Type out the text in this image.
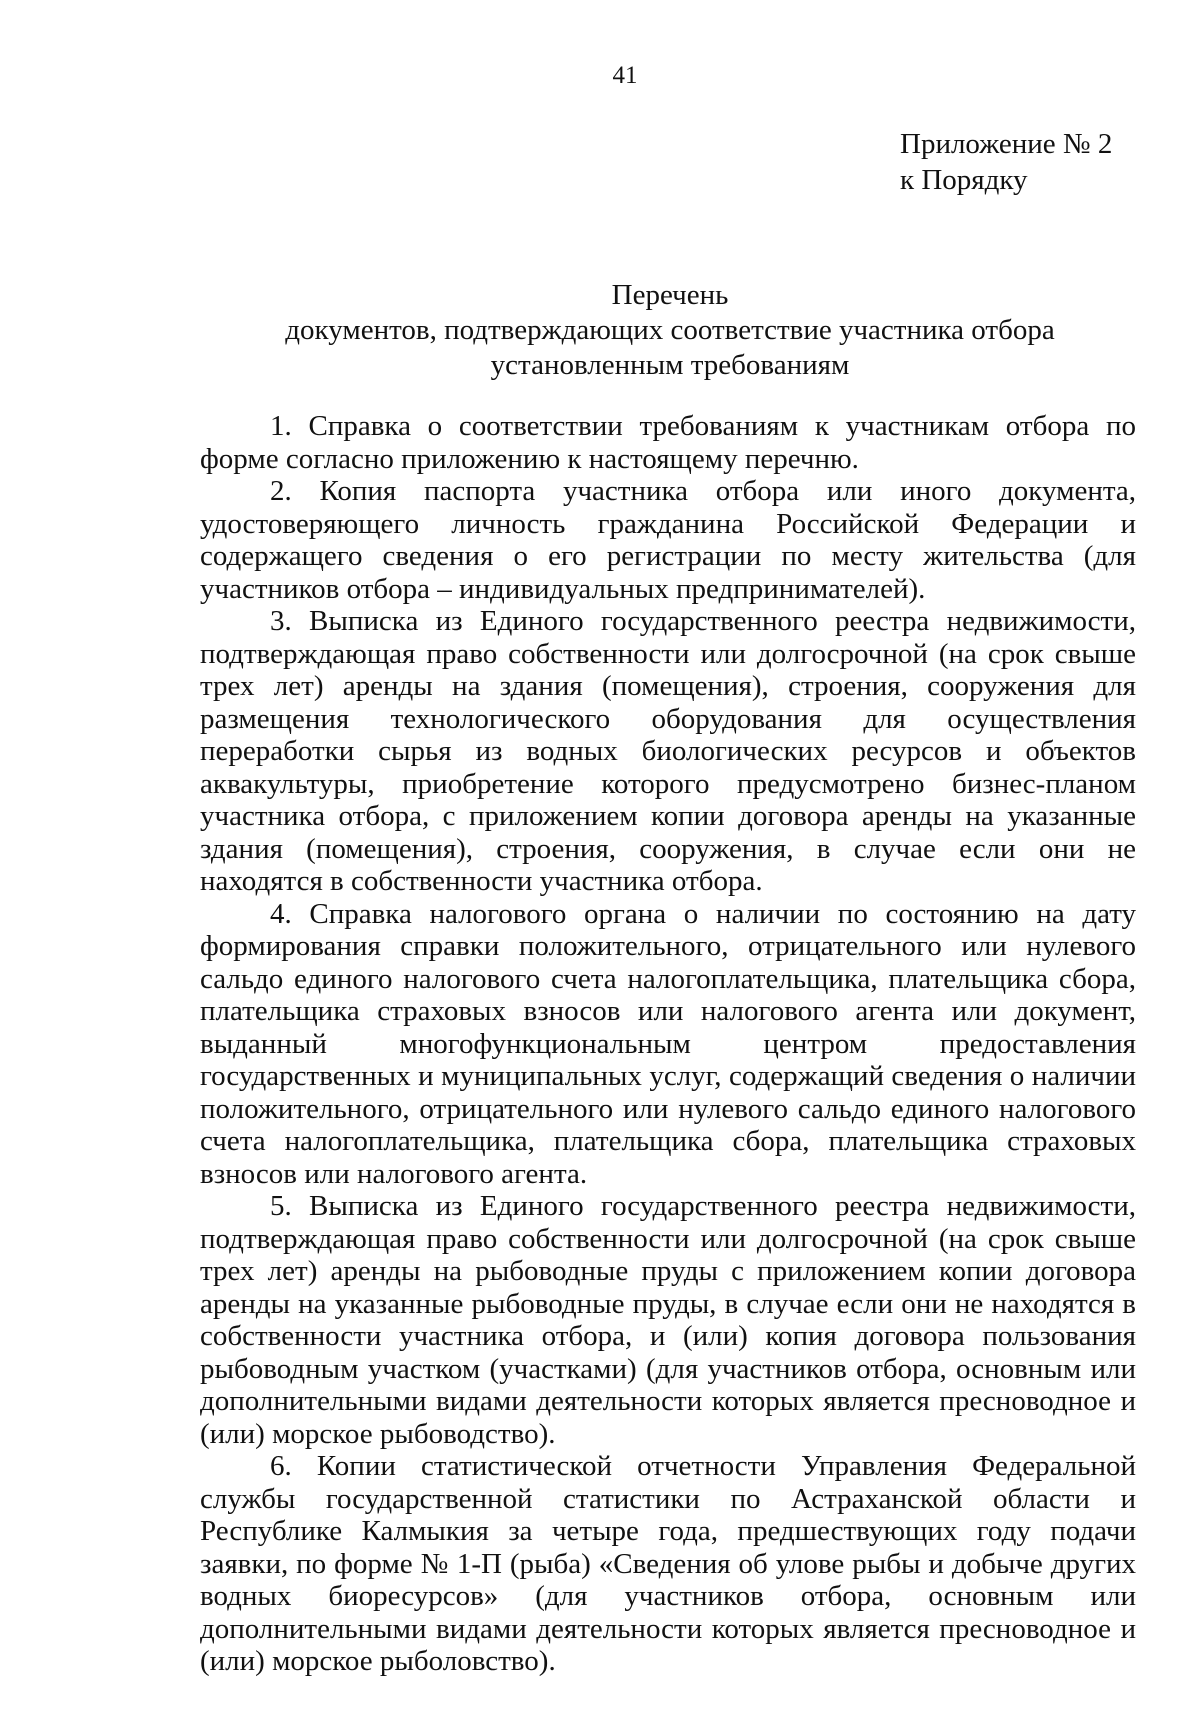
41
Приложение № 2
к Порядку
Перечень
документов, подтверждающих соответствие участника отбора
установленным требованиям

1. Справка о соответствии требованиям к участникам отбора по форме согласно приложению к настоящему перечню.

2. Копия паспорта участника отбора или иного документа, удостоверяющего личность гражданина Российской Федерации и содержащего сведения о его регистрации по месту жительства (для участников отбора – индивидуальных предпринимателей).

3. Выписка из Единого государственного реестра недвижимости, подтверждающая право собственности или долгосрочной (на срок свыше трех лет) аренды на здания (помещения), строения, сооружения для размещения технологического оборудования для осуществления переработки сырья из водных биологических ресурсов и объектов аквакультуры, приобретение которого предусмотрено бизнес-планом участника отбора, с приложением копии договора аренды на указанные здания (помещения), строения, сооружения, в случае если они не находятся в собственности участника отбора.

4. Справка налогового органа о наличии по состоянию на дату формирования справки положительного, отрицательного или нулевого сальдо единого налогового счета налогоплательщика, плательщика сбора, плательщика страховых взносов или налогового агента или документ, выданный многофункциональным центром предоставления государственных и муниципальных услуг, содержащий сведения о наличии положительного, отрицательного или нулевого сальдо единого налогового счета налогоплательщика, плательщика сбора, плательщика страховых взносов или налогового агента.

5. Выписка из Единого государственного реестра недвижимости, подтверждающая право собственности или долгосрочной (на срок свыше трех лет) аренды на рыбоводные пруды с приложением копии договора аренды на указанные рыбоводные пруды, в случае если они не находятся в собственности участника отбора, и (или) копия договора пользования рыбоводным участком (участками) (для участников отбора, основным или дополнительными видами деятельности которых является пресноводное и (или) морское рыбоводство).

6. Копии статистической отчетности Управления Федеральной службы государственной статистики по Астраханской области и Республике Калмыкия за четыре года, предшествующих году подачи заявки, по форме № 1-П (рыба) «Сведения об улове рыбы и добыче других водных биоресурсов» (для участников отбора, основным или дополнительными видами деятельности которых является пресноводное и (или) морское рыболовство).
